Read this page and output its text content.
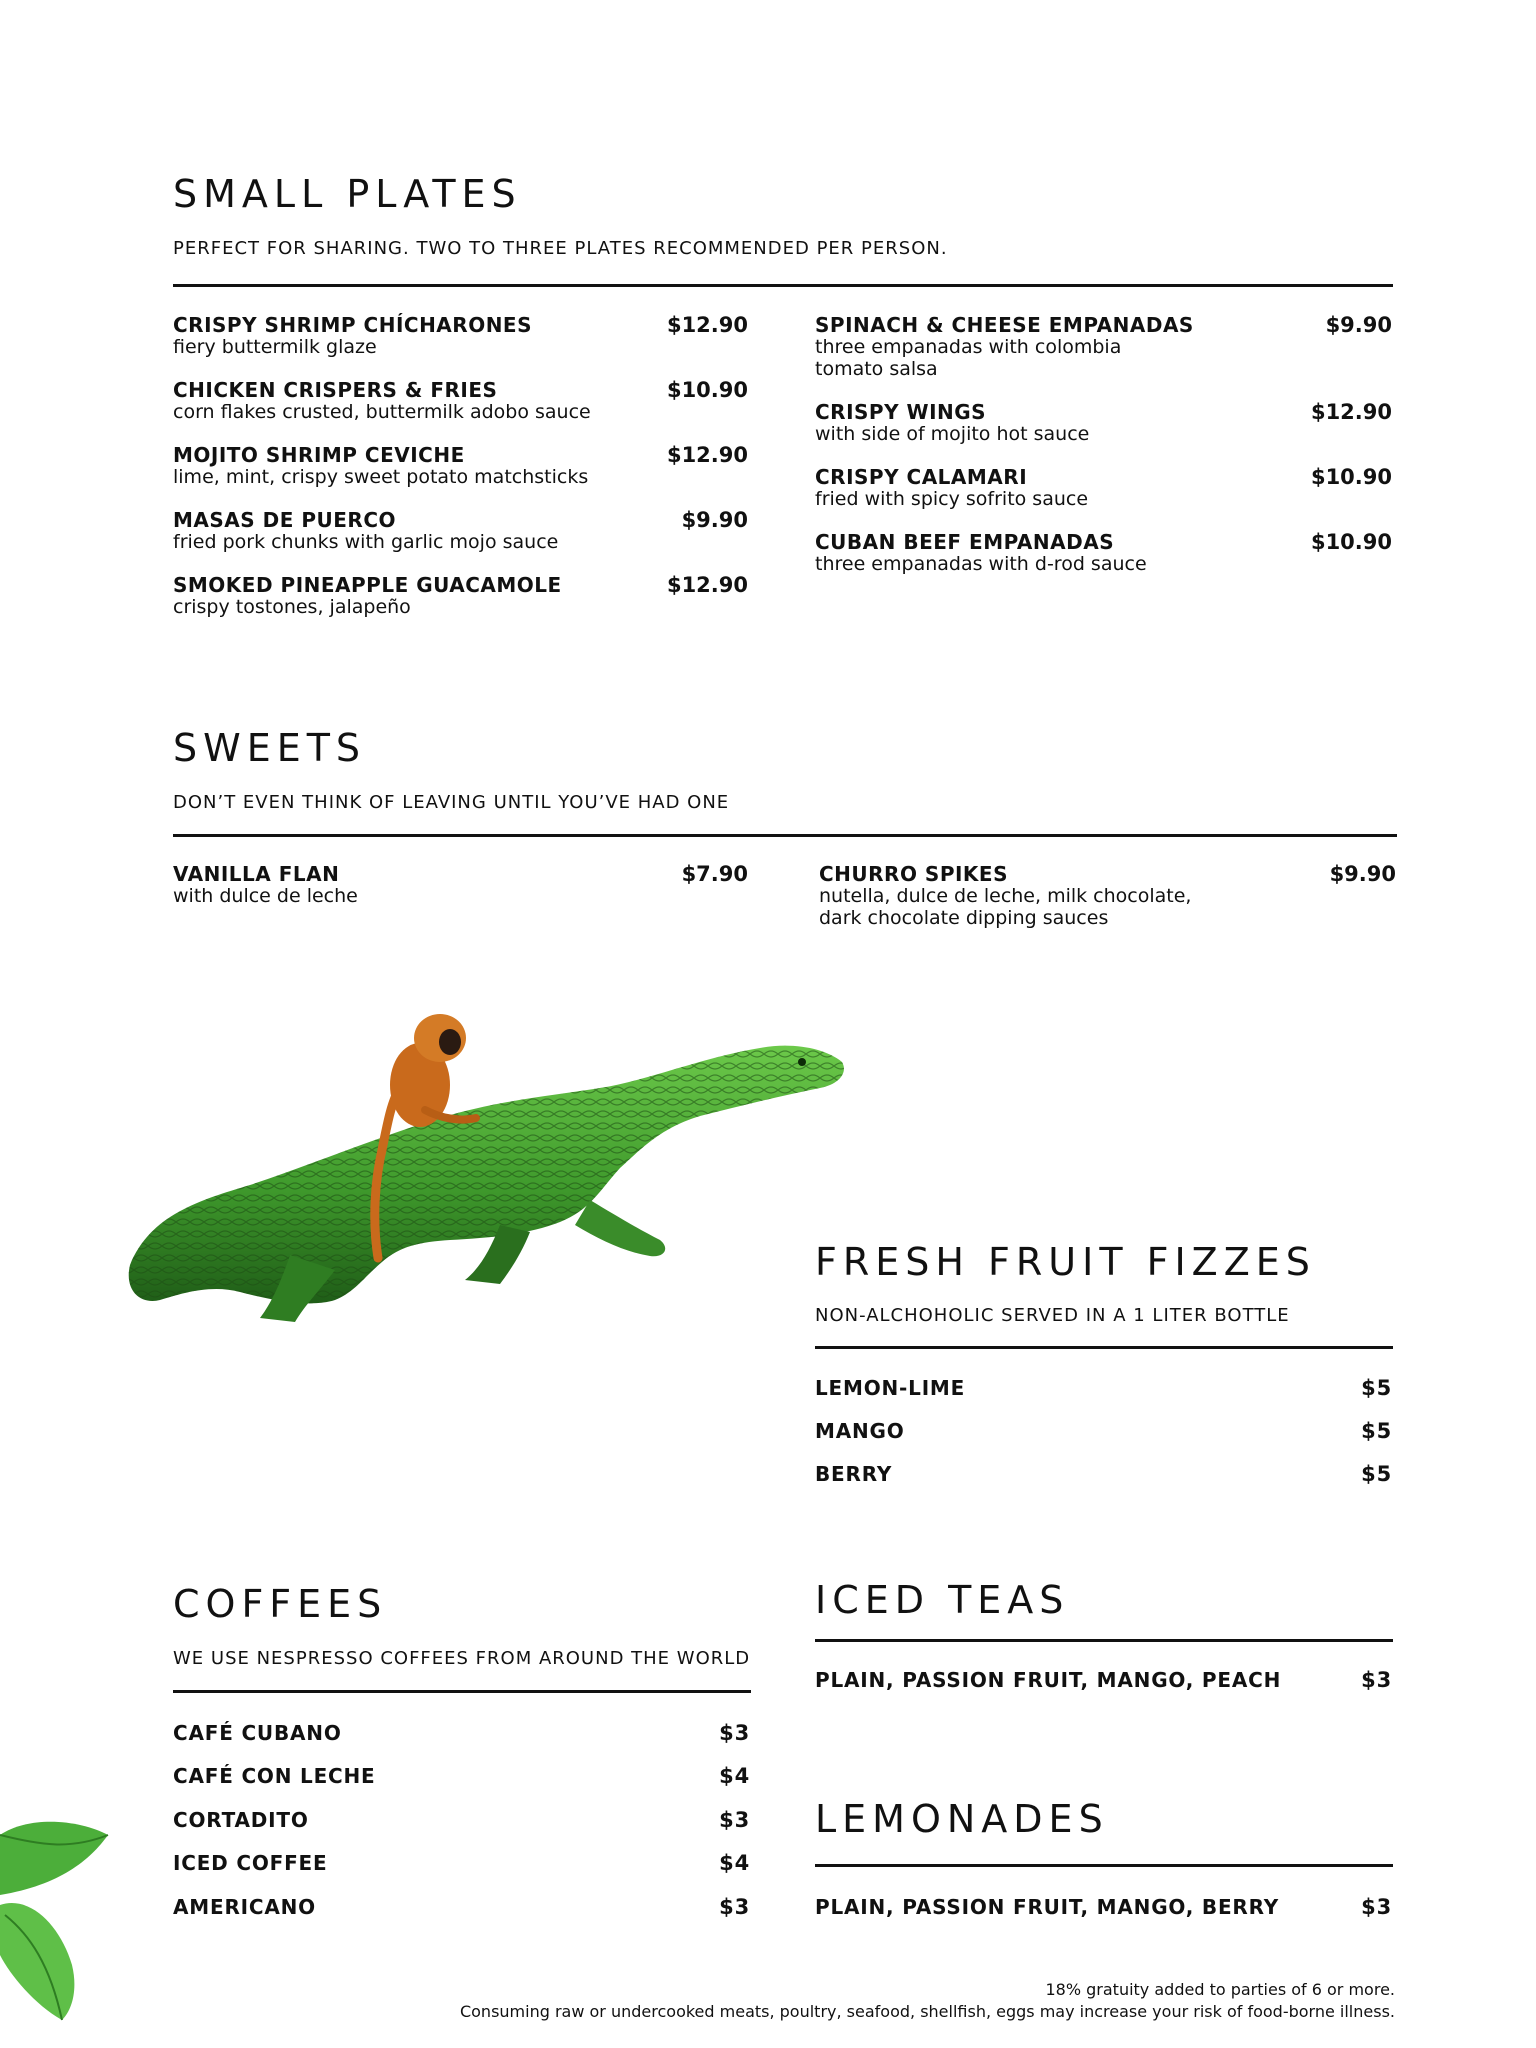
SMALL PLATES
PERFECT FOR SHARING. TWO TO THREE PLATES RECOMMENDED PER PERSON.
CRISPY SHRIMP CHÍCHARONES
fiery buttermilk glaze
$12.90
CHICKEN CRISPERS & FRIES
corn flakes crusted, buttermilk adobo sauce
$10.90
MOJITO SHRIMP CEVICHE
lime, mint, crispy sweet potato matchsticks
$12.90
MASAS DE PUERCO
fried pork chunks with garlic mojo sauce
$9.90
SMOKED PINEAPPLE GUACAMOLE
crispy tostones, jalapeño
$12.90
SPINACH & CHEESE EMPANADAS
three empanadas with colombia tomato salsa
$9.90
CRISPY WINGS
with side of mojito hot sauce
$12.90
CRISPY CALAMARI
fried with spicy sofrito sauce
$10.90
CUBAN BEEF EMPANADAS
three empanadas with d-rod sauce
$10.90
SWEETS
DON’T EVEN THINK OF LEAVING UNTIL YOU’VE HAD ONE
VANILLA FLAN
with dulce de leche
$7.90	CHURRO SPIKES
nutella, dulce de leche, milk chocolate, dark chocolate dipping sauces
$9.90
FRESH FRUIT FIZZES
NON-ALCHOHOLIC SERVED IN A 1 LITER BOTTLE
LEMON-LIME	$5
MANGO	$5
BERRY	$5
COFFEES
WE USE NESPRESSO COFFEES FROM AROUND THE WORLD
CAFÉ CUBANO	$3
CAFÉ CON LECHE	$4
CORTADITO	$3
ICED COFFEE	$4
AMERICANO	$3
ICED TEAS
PLAIN, PASSION FRUIT, MANGO, PEACH	$3
LEMONADES
PLAIN, PASSION FRUIT, MANGO, BERRY	$3
18% gratuity added to parties of 6 or more.
Consuming raw or undercooked meats, poultry, seafood, shellfish, eggs may increase your risk of food-borne illness.
